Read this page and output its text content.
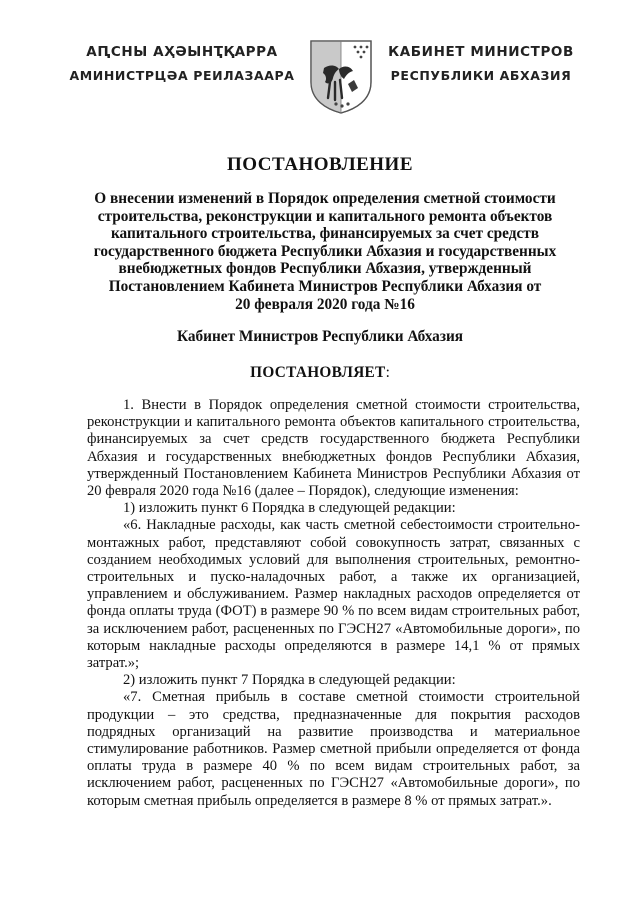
АԤСНЫ АҲӘЫНҬҚАРРА
АМИНИСТРЦӘА РЕИЛАЗААРА
КАБИНЕТ МИНИСТРОВ
РЕСПУБЛИКИ АБХАЗИЯ
ПОСТАНОВЛЕНИЕ
О внесении изменений в Порядок определения сметной стоимости
строительства, реконструкции и капитального ремонта объектов
капитального строительства, финансируемых за счет средств
государственного бюджета Республики Абхазия и государственных
внебюджетных фондов Республики Абхазия, утвержденный
Постановлением Кабинета Министров Республики Абхазия от
20 февраля 2020 года №16
Кабинет Министров Республики Абхазия
ПОСТАНОВЛЯЕТ:

1. Внести в Порядок определения сметной стоимости строительства, реконструкции и капитального ремонта объектов капитального строительства, финансируемых за счет средств государственного бюджета Республики Абхазия и государственных внебюджетных фондов Республики Абхазия, утвержденный Постановлением Кабинета Министров Республики Абхазия от 20 февраля 2020 года №16 (далее – Порядок), следующие изменения:

1) изложить пункт 6 Порядка в следующей редакции:

«6. Накладные расходы, как часть сметной себестоимости строительно-монтажных работ, представляют собой совокупность затрат, связанных с созданием необходимых условий для выполнения строительных, ремонтно-строительных и пуско-наладочных работ, а также их организацией, управлением и обслуживанием. Размер накладных расходов определяется от фонда оплаты труда (ФОТ) в размере 90 % по всем видам строительных работ, за исключением работ, расцененных по ГЭСН27 «Автомобильные дороги», по которым накладные расходы определяются в размере 14,1 % от прямых затрат.»;

2) изложить пункт 7 Порядка в следующей редакции:

«7. Сметная прибыль в составе сметной стоимости строительной продукции – это средства, предназначенные для покрытия расходов подрядных организаций на развитие производства и материальное стимулирование работников. Размер сметной прибыли определяется от фонда оплаты труда в размере 40 % по всем видам строительных работ, за исключением работ, расцененных по ГЭСН27 «Автомобильные дороги», по которым сметная прибыль определяется в размере 8 % от прямых затрат.».
